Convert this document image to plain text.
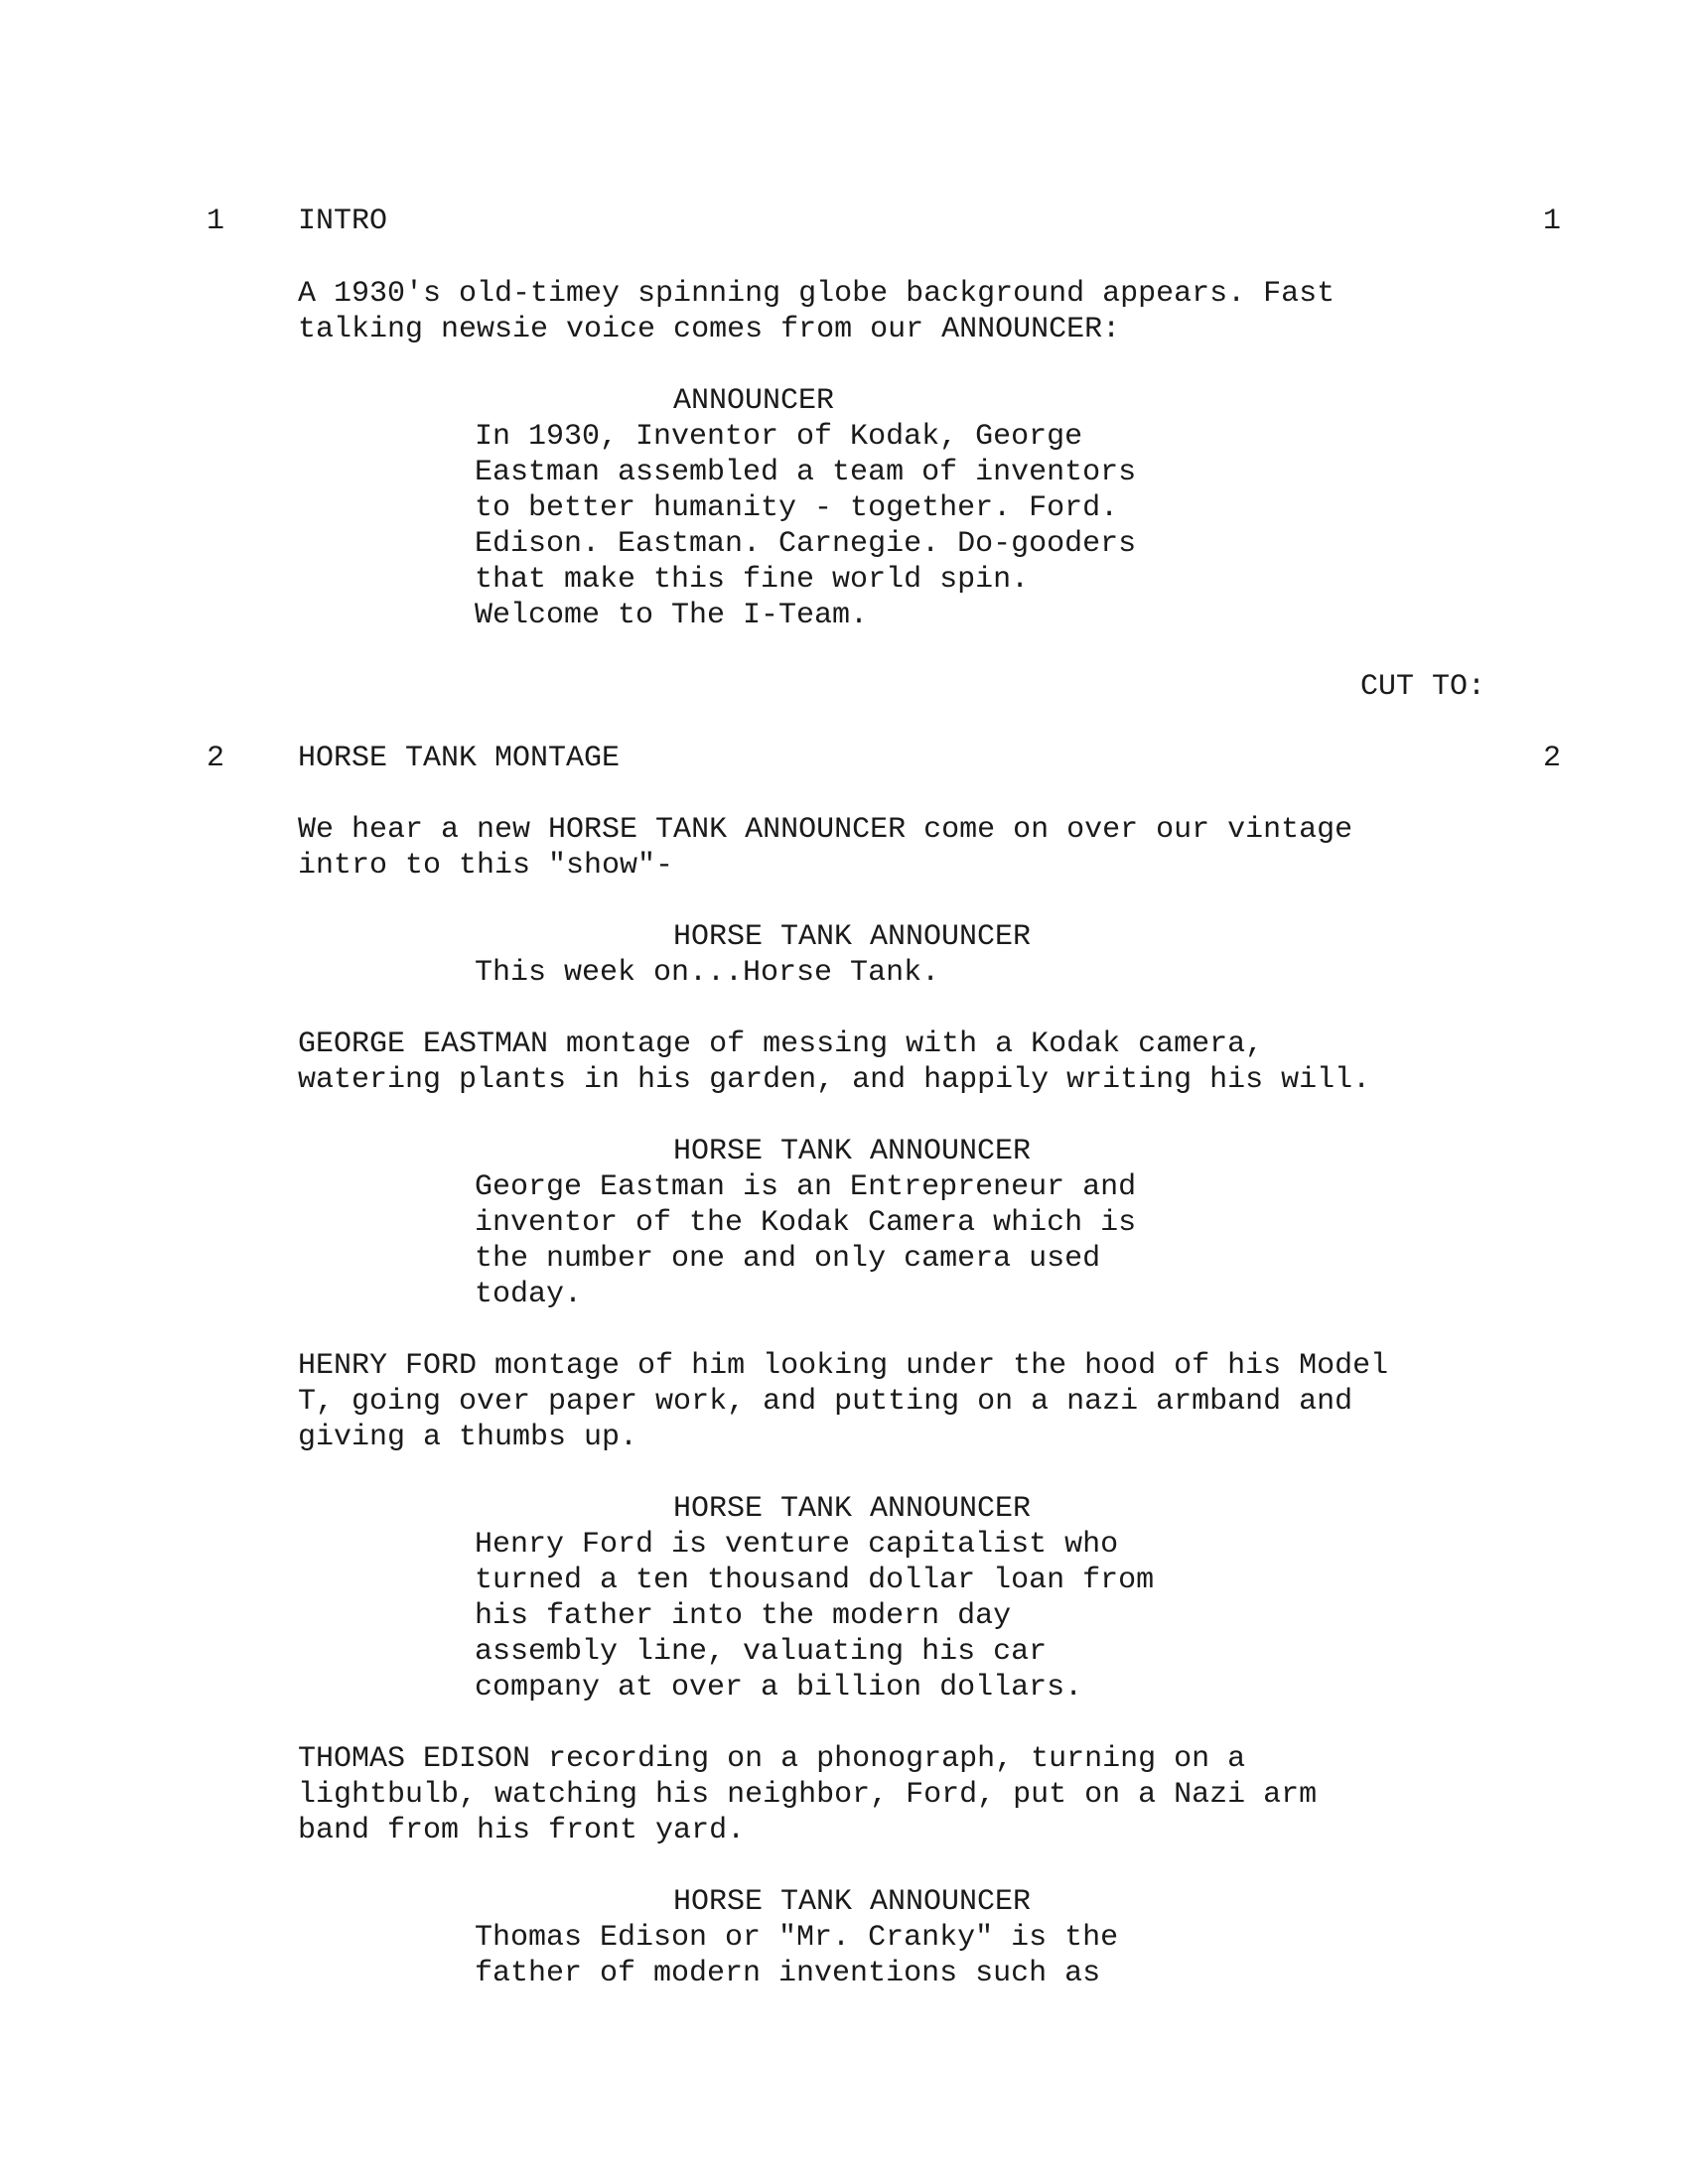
1 INTRO	1
A 1930's old-timey spinning globe background appears. Fast
talking newsie voice comes from our ANNOUNCER:
ANNOUNCER
In 1930, Inventor of Kodak, George
Eastman assembled a team of inventors
to better humanity - together. Ford.
Edison. Eastman. Carnegie. Do-gooders
that make this fine world spin.
Welcome to The I-Team.
CUT TO:
2 HORSE TANK MONTAGE	2
We hear a new HORSE TANK ANNOUNCER come on over our vintage
intro to this "show"-
HORSE TANK ANNOUNCER
This week on...Horse Tank.
GEORGE EASTMAN montage of messing with a Kodak camera,
watering plants in his garden, and happily writing his will.
HORSE TANK ANNOUNCER
George Eastman is an Entrepreneur and
inventor of the Kodak Camera which is
the number one and only camera used
today.
HENRY FORD montage of him looking under the hood of his Model
T, going over paper work, and putting on a nazi armband and
giving a thumbs up.
HORSE TANK ANNOUNCER
Henry Ford is venture capitalist who
turned a ten thousand dollar loan from
his father into the modern day
assembly line, valuating his car
company at over a billion dollars.
THOMAS EDISON recording on a phonograph, turning on a
lightbulb, watching his neighbor, Ford, put on a Nazi arm
band from his front yard.
HORSE TANK ANNOUNCER
Thomas Edison or "Mr. Cranky" is the
father of modern inventions such as
